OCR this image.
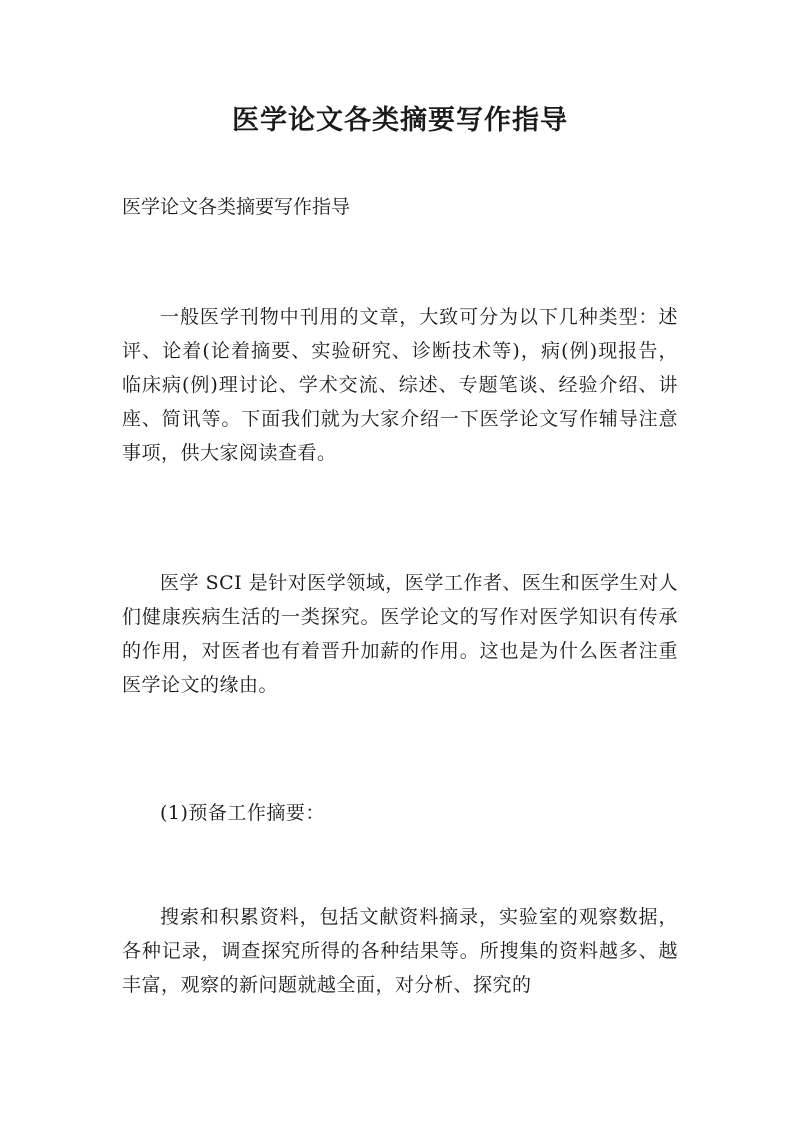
医学论文各类摘要写作指导

医学论文各类摘要写作指导

一般医学刊物中刊用的文章，大致可分为以下几种类型：述评、论着(论着摘要、实验研究、诊断技术等)，病(例)现报告，临床病(例)理讨论、学术交流、综述、专题笔谈、经验介绍、讲座、简讯等。下面我们就为大家介绍一下医学论文写作辅导注意事项，供大家阅读查看。

医学 SCI 是针对医学领域，医学工作者、医生和医学生对人们健康疾病生活的一类探究。医学论文的写作对医学知识有传承的作用，对医者也有着晋升加薪的作用。这也是为什么医者注重医学论文的缘由。

(1)预备工作摘要：

搜索和积累资料，包括文献资料摘录，实验室的观察数据，各种记录，调查探究所得的各种结果等。所搜集的资料越多、越丰富，观察的新问题就越全面，对分析、探究的
